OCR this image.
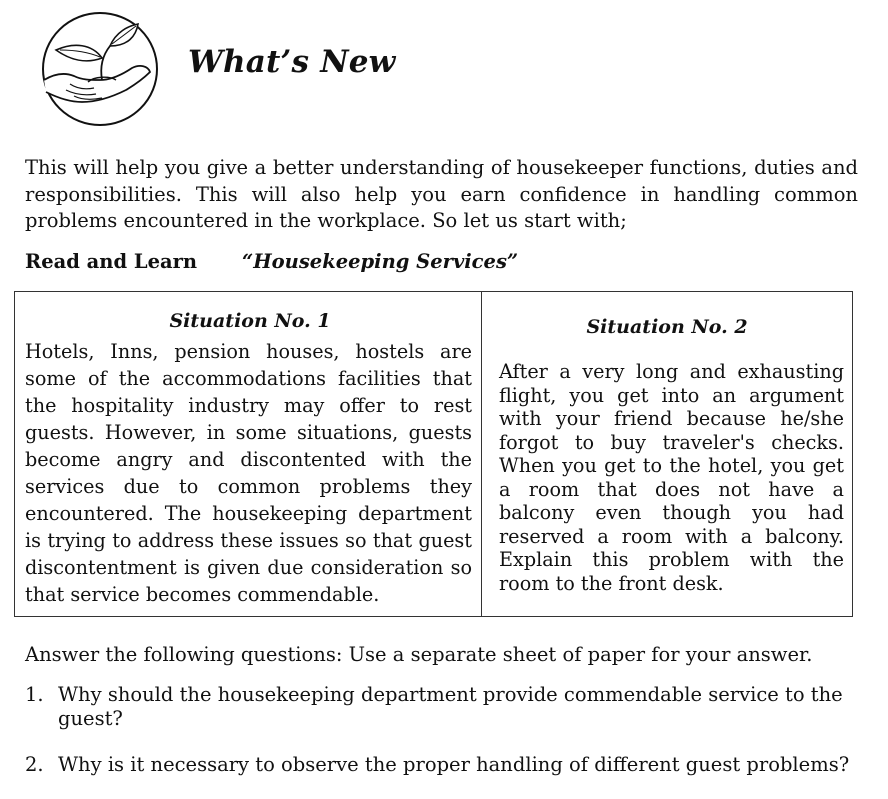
What’s New

This will help you give a better understanding of housekeeper functions, duties and responsibilities. This will also help you earn confidence in handling common problems encountered in the workplace. So let us start with;

Read and Learn “Housekeeping Services”
Situation No. 1

Hotels, Inns, pension houses, hostels are some of the accommodations facilities that the hospitality industry may offer to rest guests. However, in some situations, guests become angry and discontented with the services due to common problems they encountered. The housekeeping department is trying to address these issues so that guest discontentment is given due consideration so that service becomes commendable.

Situation No. 2

After a very long and exhausting flight, you get into an argument with your friend because he/she forgot to buy traveler's checks. When you get to the hotel, you get a room that does not have a balcony even though you had reserved a room with a balcony. Explain this problem with the room to the front desk.

Answer the following questions: Use a separate sheet of paper for your answer.

1. Why should the housekeeping department provide commendable service to the guest?
2. Why is it necessary to observe the proper handling of different guest problems?
